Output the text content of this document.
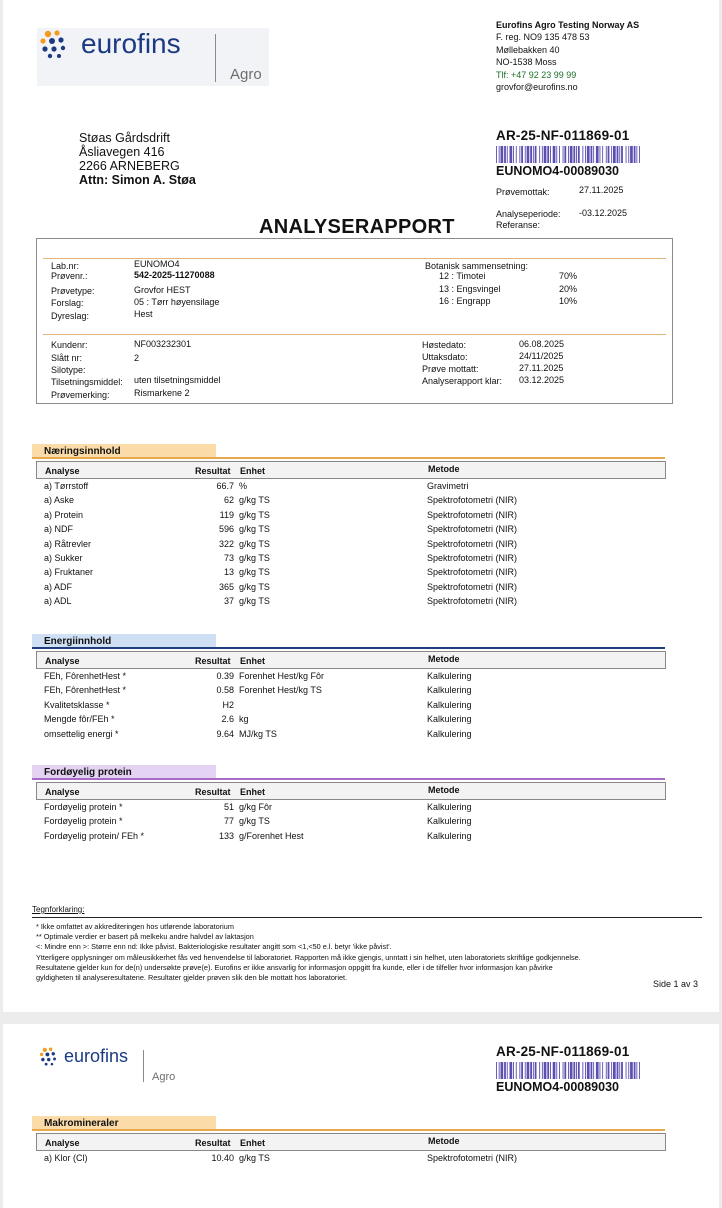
eurofins
Agro
Eurofins Agro Testing Norway AS
F. reg. NO9 135 478 53
Møllebakken 40
NO-1538 Moss
Tlf: +47 92 23 99 99
grovfor@eurofins.no
Støas Gårdsdrift
Åsliavegen 416
2266 ARNEBERG
Attn: Simon A. Støa
AR-25-NF-011869-01
EUNOMO4-00089030
Prøvemottak:	27.11.2025
Analyseperiode: -03.12.2025
Referanse:
ANALYSERAPPORT
Lab.nr:	EUNOMO4
Prøvenr.:	542-2025-11270088
Prøvetype:	Grovfor HEST
Forslag:	05 : Tørr høyensilage
Dyreslag:	Hest
Botanisk sammensetning:
12 : Timotei	70%
13 : Engsvingel	20%
16 : Engrapp	10%
Kundenr:	NF003232301
Slått nr:	2
Silotype:
Tilsetningsmiddel: uten tilsetningsmiddel
Prøvemerking:	Rismarkene 2
Høstedato:	06.08.2025
Uttaksdato:	24/11/2025
Prøve mottatt:	27.11.2025
Analyserapport klar: 03.12.2025
Tegnforklaring:
* Ikke omfattet av akkrediteringen hos utførende laboratorium
** Optimale verdier er basert på melkeku andre halvdel av laktasjon
<: Mindre enn >: Større enn nd: Ikke påvist. Bakteriologiske resultater angitt som <1,<50 e.l. betyr 'ikke påvist'.
Ytterligere opplysninger om måleusikkerhet fås ved henvendelse til laboratoriet. Rapporten må ikke gjengis, unntatt i sin helhet, uten laboratoriets skriftlige godkjennelse.
Resultatene gjelder kun for de(n) undersøkte prøve(e). Eurofins er ikke ansvarlig for informasjon oppgitt fra kunde, eller i de tilfeller hvor informasjon kan påvirke
gyldigheten til analyseresultatene. Resultater gjelder prøven slik den ble mottatt hos laboratoriet.
Side 1 av 3
Næringsinnhold
Analyse	Resultat Enhet	Metode
a) Tørrstoff	66.7 %	Gravimetri
a) Aske	62 g/kg TS	Spektrofotometri (NIR)
a) Protein	119 g/kg TS	Spektrofotometri (NIR)
a) NDF	596 g/kg TS	Spektrofotometri (NIR)
a) Råtrevler	322 g/kg TS	Spektrofotometri (NIR)
a) Sukker	73 g/kg TS	Spektrofotometri (NIR)
a) Fruktaner	13 g/kg TS	Spektrofotometri (NIR)
a) ADF	365 g/kg TS	Spektrofotometri (NIR)
a) ADL	37 g/kg TS	Spektrofotometri (NIR)
Energiinnhold
Analyse	Resultat Enhet	Metode
FEh, FôrenhetHest *	0.39 Forenhet Hest/kg Fôr	Kalkulering
FEh, FôrenhetHest *	0.58 Forenhet Hest/kg TS	Kalkulering
Kvalitetsklasse *	H2	Kalkulering
Mengde fôr/FEh *	2.6 kg	Kalkulering
omsettelig energi *	9.64 MJ/kg TS	Kalkulering
Fordøyelig protein
Analyse	Resultat Enhet	Metode
Fordøyelig protein *	51 g/kg Fôr	Kalkulering
Fordøyelig protein *	77 g/kg TS	Kalkulering
Fordøyelig protein/ FEh *	133 g/Forenhet Hest	Kalkulering
eurofins
Agro
AR-25-NF-011869-01
EUNOMO4-00089030
Makromineraler
Analyse	Resultat Enhet	Metode
a) Klor (Cl)	10.40 g/kg TS	Spektrofotometri (NIR)
